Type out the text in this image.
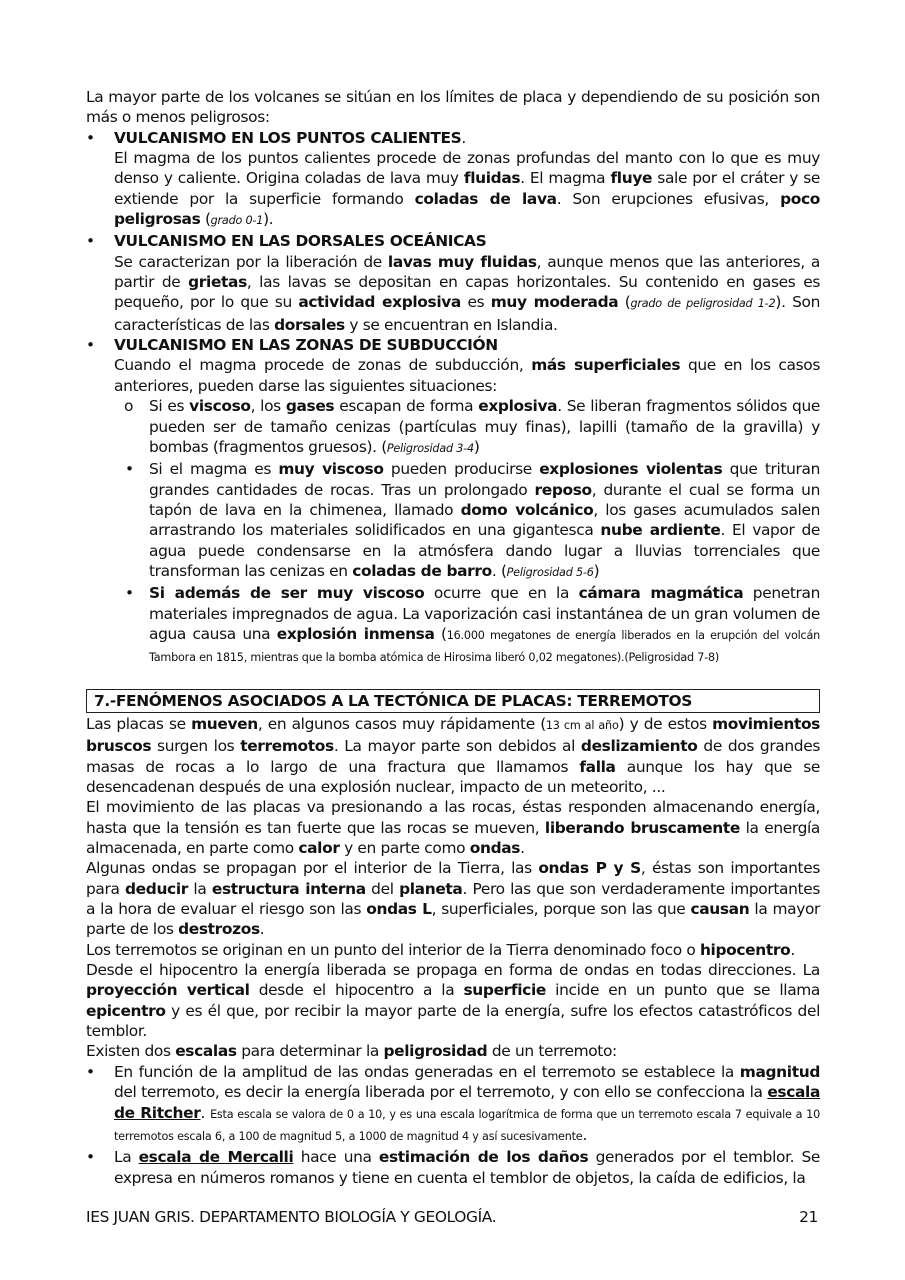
La mayor parte de los volcanes se sitúan en los límites de placa y dependiendo de su posición son más o menos peligrosos:

• VULCANISMO EN LOS PUNTOS CALIENTES.

El magma de los puntos calientes procede de zonas profundas del manto con lo que es muy denso y caliente. Origina coladas de lava muy fluidas. El magma fluye sale por el cráter y se extiende por la superficie formando coladas de lava. Son erupciones efusivas, poco peligrosas (grado 0-1).

• VULCANISMO EN LAS DORSALES OCEÁNICAS

Se caracterizan por la liberación de lavas muy fluidas, aunque menos que las anteriores, a partir de grietas, las lavas se depositan en capas horizontales. Su contenido en gases es pequeño, por lo que su actividad explosiva es muy moderada (grado de peligrosidad 1-2). Son características de las dorsales y se encuentran en Islandia.

• VULCANISMO EN LAS ZONAS DE SUBDUCCIÓN

Cuando el magma procede de zonas de subducción, más superficiales que en los casos anteriores, pueden darse las siguientes situaciones:

o Si es viscoso, los gases escapan de forma explosiva. Se liberan fragmentos sólidos que pueden ser de tamaño cenizas (partículas muy finas), lapilli (tamaño de la gravilla) y bombas (fragmentos gruesos). (Peligrosidad 3-4)

• Si el magma es muy viscoso pueden producirse explosiones violentas que trituran grandes cantidades de rocas. Tras un prolongado reposo, durante el cual se forma un tapón de lava en la chimenea, llamado domo volcánico, los gases acumulados salen arrastrando los materiales solidificados en una gigantesca nube ardiente. El vapor de agua puede condensarse en la atmósfera dando lugar a lluvias torrenciales que transforman las cenizas en coladas de barro. (Peligrosidad 5-6)

• Si además de ser muy viscoso ocurre que en la cámara magmática penetran materiales impregnados de agua. La vaporización casi instantánea de un gran volumen de agua causa una explosión inmensa (16.000 megatones de energía liberados en la erupción del volcán Tambora en 1815, mientras que la bomba atómica de Hirosima liberó 0,02 megatones).(Peligrosidad 7-8)

7.-FENÓMENOS ASOCIADOS A LA TECTÓNICA DE PLACAS: TERREMOTOS

Las placas se mueven, en algunos casos muy rápidamente (13 cm al año) y de estos movimientos bruscos surgen los terremotos. La mayor parte son debidos al deslizamiento de dos grandes masas de rocas a lo largo de una fractura que llamamos falla aunque los hay que se desencadenan después de una explosión nuclear, impacto de un meteorito, ...

El movimiento de las placas va presionando a las rocas, éstas responden almacenando energía, hasta que la tensión es tan fuerte que las rocas se mueven, liberando bruscamente la energía almacenada, en parte como calor y en parte como ondas.

Algunas ondas se propagan por el interior de la Tierra, las ondas P y S, éstas son importantes para deducir la estructura interna del planeta. Pero las que son verdaderamente importantes a la hora de evaluar el riesgo son las ondas L, superficiales, porque son las que causan la mayor parte de los destrozos.

Los terremotos se originan en un punto del interior de la Tierra denominado foco o hipocentro.

Desde el hipocentro la energía liberada se propaga en forma de ondas en todas direcciones. La proyección vertical desde el hipocentro a la superficie incide en un punto que se llama epicentro y es él que, por recibir la mayor parte de la energía, sufre los efectos catastróficos del temblor.

Existen dos escalas para determinar la peligrosidad de un terremoto:

• En función de la amplitud de las ondas generadas en el terremoto se establece la magnitud del terremoto, es decir la energía liberada por el terremoto, y con ello se confecciona la escala de Ritcher. Esta escala se valora de 0 a 10, y es una escala logarítmica de forma que un terremoto escala 7 equivale a 10 terremotos escala 6, a 100 de magnitud 5, a 1000 de magnitud 4 y así sucesivamente.

• La escala de Mercalli hace una estimación de los daños generados por el temblor. Se expresa en números romanos y tiene en cuenta el temblor de objetos, la caída de edificios, la

IES JUAN GRIS. DEPARTAMENTO BIOLOGÍA Y GEOLOGÍA.	21
